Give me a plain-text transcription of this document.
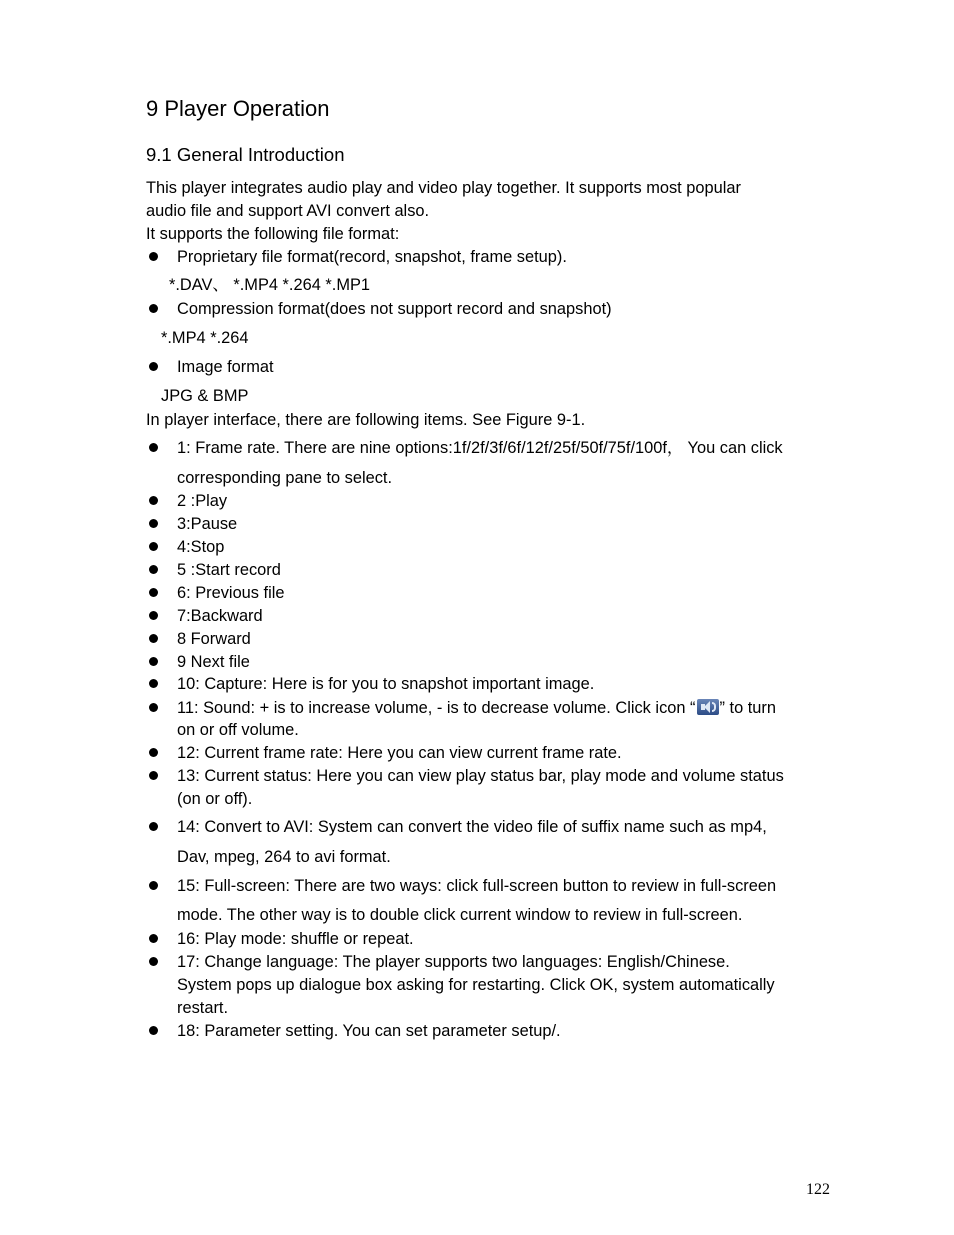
9 Player Operation
9.1 General Introduction
This player integrates audio play and video play together. It supports most popular
audio file and support AVI convert also.
It supports the following file format:
Proprietary file format(record, snapshot, frame setup).
*.DAV、 *.MP4 *.264 *.MP1
Compression format(does not support record and snapshot)
*.MP4 *.264
Image format
JPG & BMP
In player interface, there are following items. See Figure 9-1.
1: Frame rate. There are nine options:1f/2f/3f/6f/12f/25f/50f/75f/100f， You can click
corresponding pane to select.
2 :Play
3:Pause
4:Stop
5 :Start record
6: Previous file
7:Backward
8 Forward
9 Next file
10: Capture: Here is for you to snapshot important image.
11: Sound: + is to increase volume, - is to decrease volume. Click icon “ ” to turn
on or off volume.
12: Current frame rate: Here you can view current frame rate.
13: Current status: Here you can view play status bar, play mode and volume status
(on or off).
14: Convert to AVI: System can convert the video file of suffix name such as mp4,
Dav, mpeg, 264 to avi format.
15: Full-screen: There are two ways: click full-screen button to review in full-screen
mode. The other way is to double click current window to review in full-screen.
16: Play mode: shuffle or repeat.
17: Change language: The player supports two languages: English/Chinese.
System pops up dialogue box asking for restarting. Click OK, system automatically
restart.
18: Parameter setting. You can set parameter setup/.
122
